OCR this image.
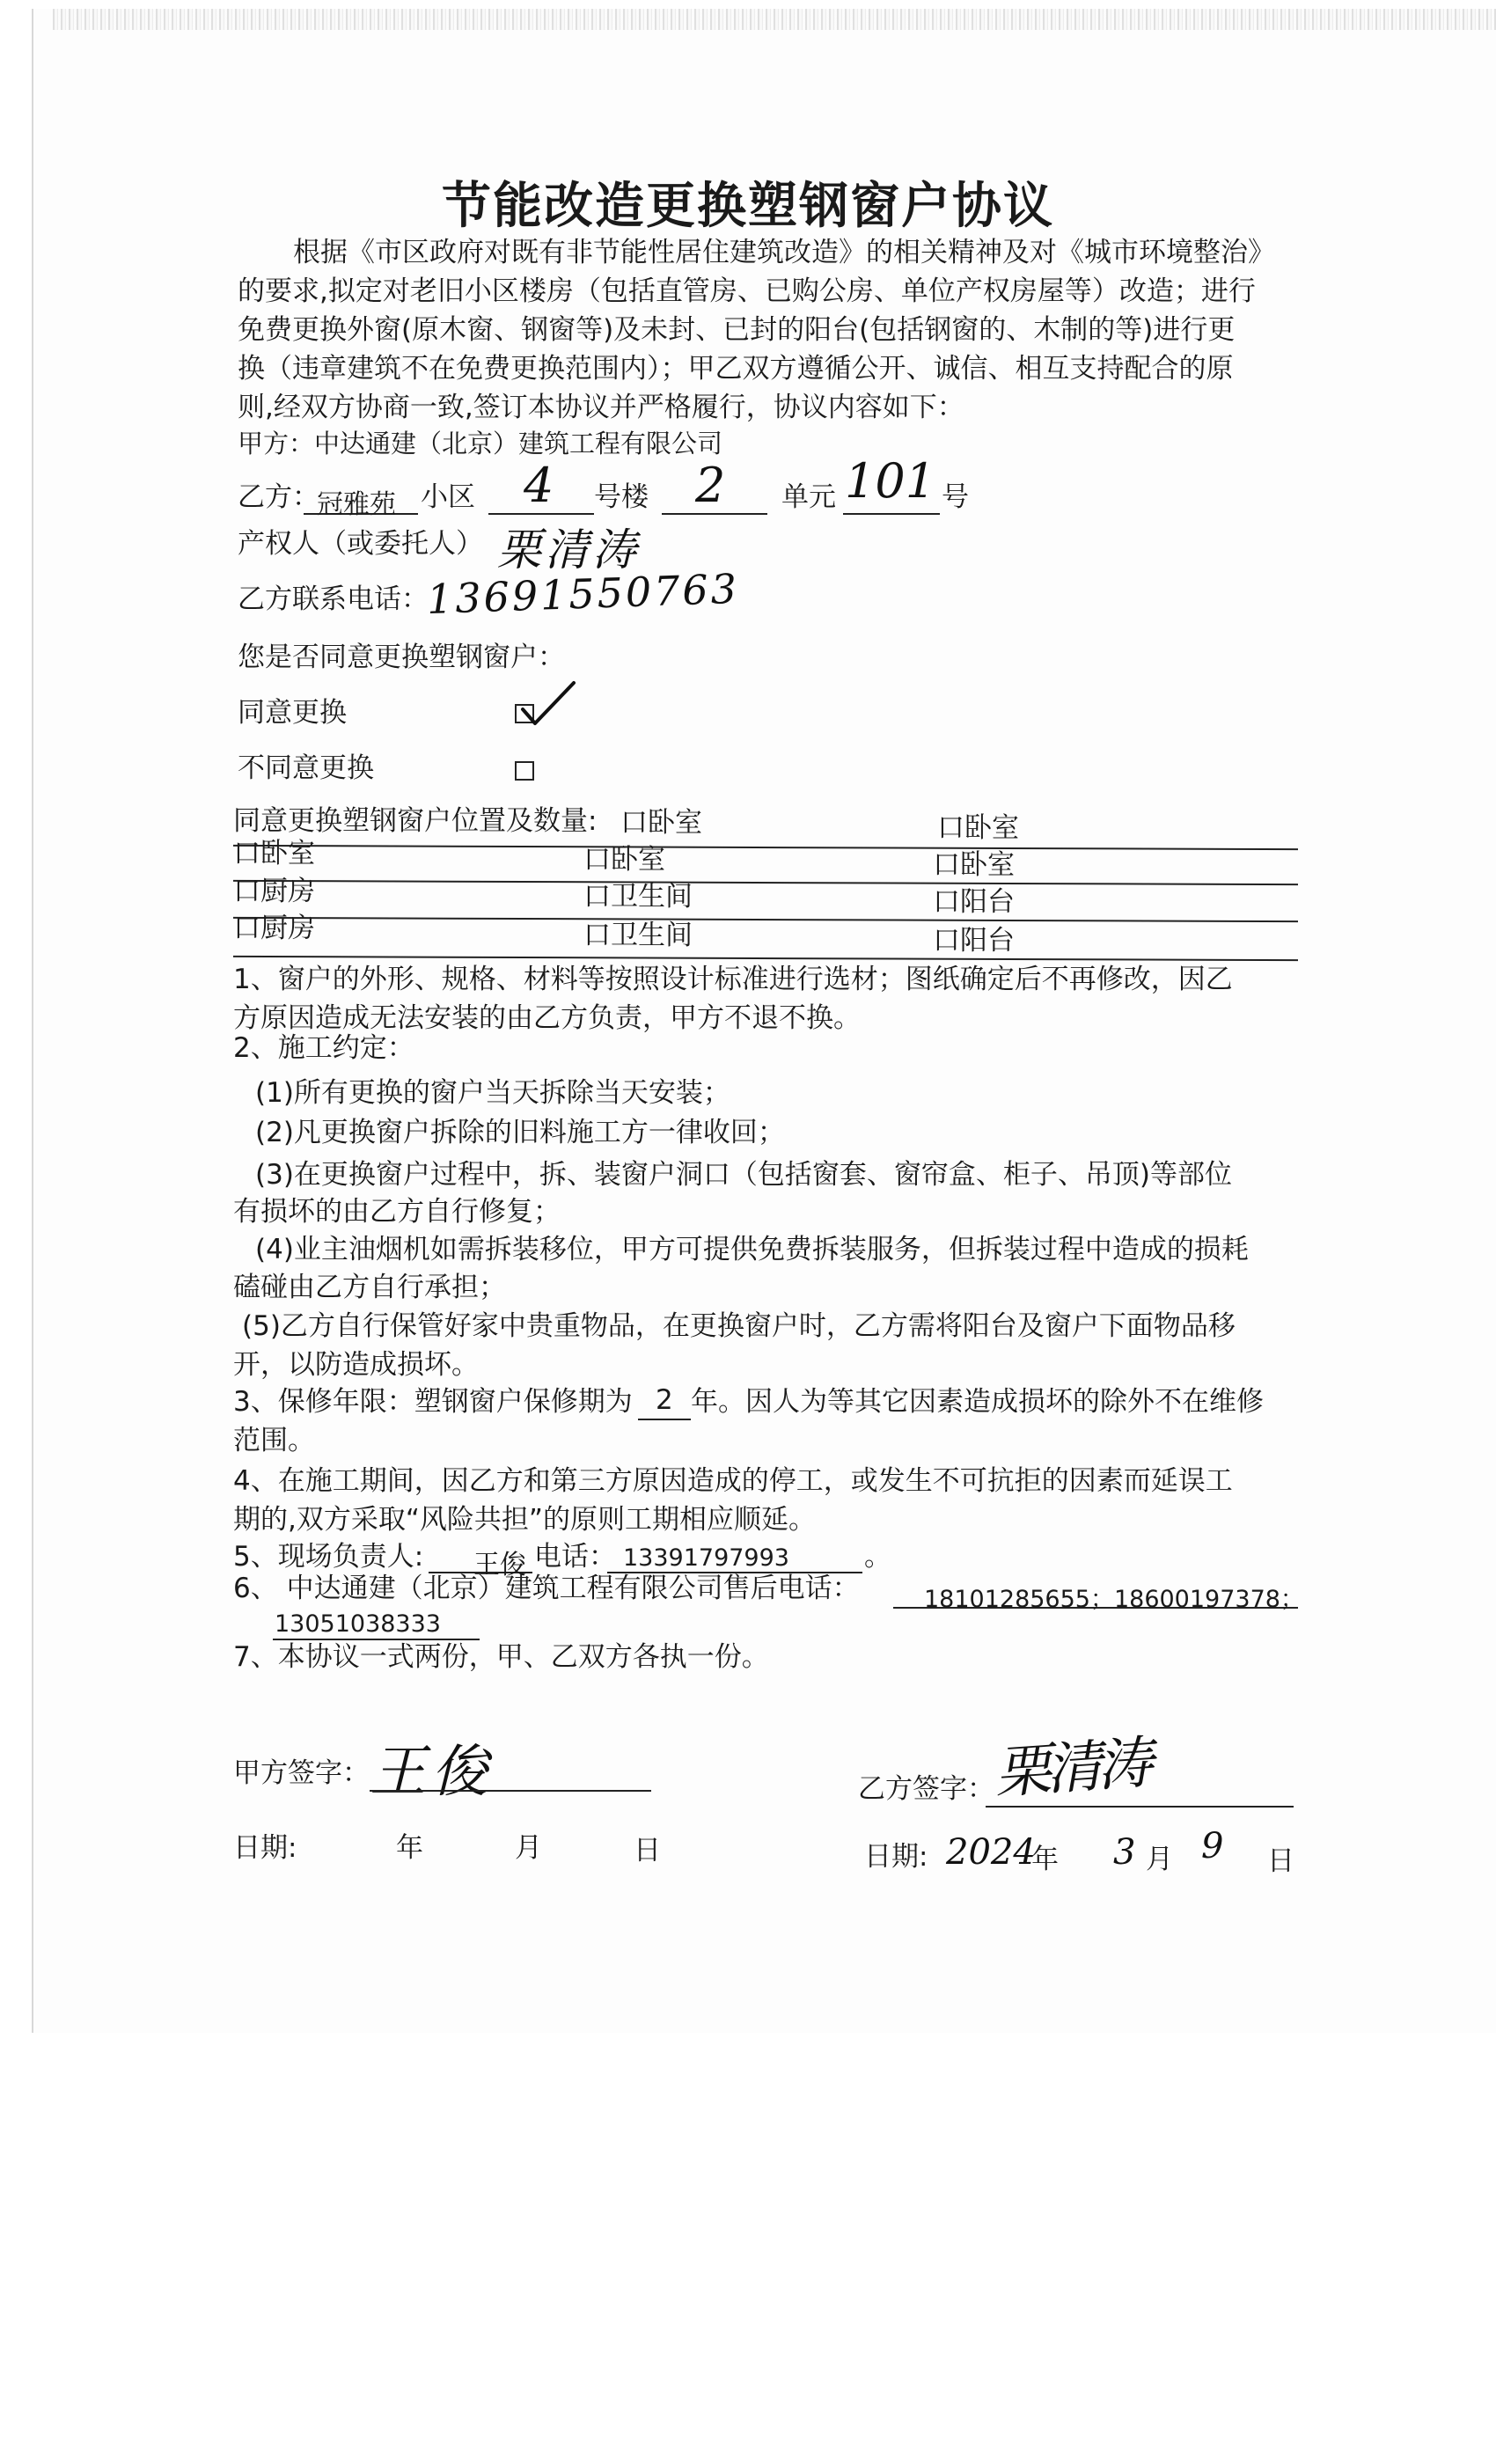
节能改造更换塑钢窗户协议
根据《市区政府对既有非节能性居住建筑改造》的相关精神及对《城市环境整治》
的要求,拟定对老旧小区楼房（包括直管房、已购公房、单位产权房屋等）改造；进行
免费更换外窗(原木窗、钢窗等)及未封、已封的阳台(包括钢窗的、木制的等)进行更
换（违章建筑不在免费更换范围内）；甲乙双方遵循公开、诚信、相互支持配合的原
则,经双方协商一致,签订本协议并严格履行，协议内容如下：
甲方：中达通建（北京）建筑工程有限公司
乙方：
冠雅苑 小区 4 号楼 2 单元 101 号
产权人（或委托人） 栗清涛
乙方联系电话：
13691550763
您是否同意更换塑钢窗户：
同意更换
不同意更换
同意更换塑钢窗户位置及数量: 口卧室	口卧室
口卧室	口卧室	口卧室
口厨房	口卫生间	口阳台
口厨房	口卫生间	口阳台
1、窗户的外形、规格、材料等按照设计标准进行选材；图纸确定后不再修改，因乙
方原因造成无法安装的由乙方负责，甲方不退不换。
2、施工约定：
(1)所有更换的窗户当天拆除当天安装；
(2)凡更换窗户拆除的旧料施工方一律收回；
(3)在更换窗户过程中，拆、装窗户洞口（包括窗套、窗帘盒、柜子、吊顶)等部位
有损坏的由乙方自行修复；
(4)业主油烟机如需拆装移位，甲方可提供免费拆装服务，但拆装过程中造成的损耗
磕碰由乙方自行承担；
(5)乙方自行保管好家中贵重物品，在更换窗户时，乙方需将阳台及窗户下面物品移
开，以防造成损坏。
3、保修年限：塑钢窗户保修期为 2 年。因人为等其它因素造成损坏的除外不在维修
范围。
4、在施工期间，因乙方和第三方原因造成的停工，或发生不可抗拒的因素而延误工
期的,双方采取“风险共担”的原则工期相应顺延。
5、现场负责人: 王俊 电话： 13391797993	。
6、 中达通建（北京）建筑工程有限公司售后电话：	18101285655；18600197378；
13051038333
7、本协议一式两份，甲、乙双方各执一份。
甲方签字： 王俊	乙方签字：
栗清涛
日期:	年	月	日	日期: 2024
年 3 月 9 日
